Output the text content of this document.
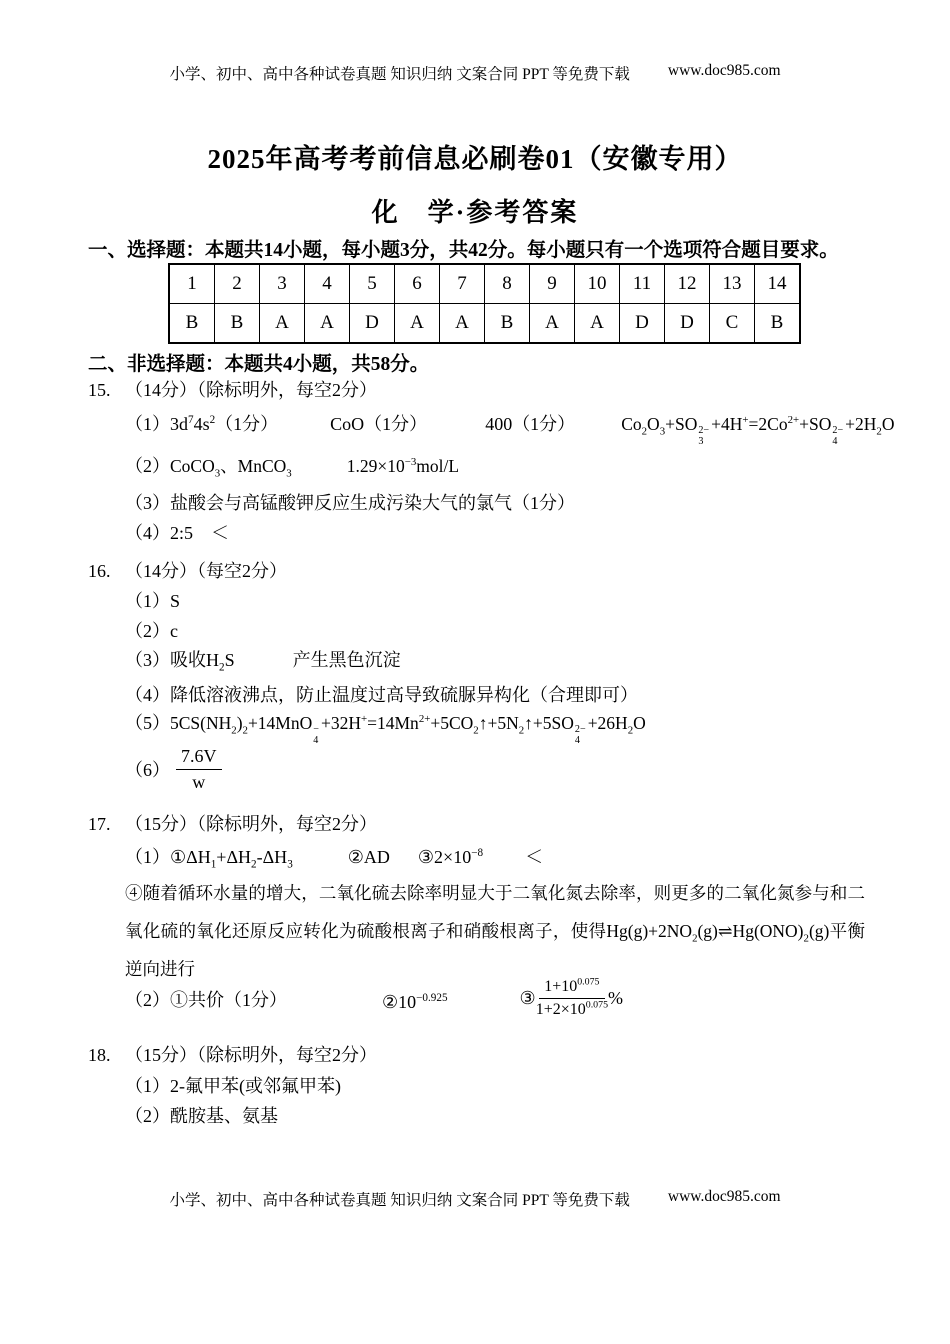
小学、初中、高中各种试卷真题 知识归纳 文案合同 PPT 等免费下载 www.doc985.com
2025年高考考前信息必刷卷01（安徽专用）
化　学·参考答案
一、选择题：本题共14小题，每小题3分，共42分。每小题只有一个选项符合题目要求。
1	2	3	4	5	6	7	8	9	10	11	12	13	14
B	B	A	A	D	A	A	B	A	A	D	D	C	B
二、非选择题：本题共4小题，共58分。
15. （14分）（除标明外，每空2分）
（1） $3d^74s^2(1$分）	CoO（1分）	400（1分）	$Co_2O_3+SO$ 2−
3
$+4H^+=2Co^{2+}+SO$ 2−
4
$+2H_2O$
（2） CoCO$_3$、MnCO$_3$	$1.29\times 10^{-3}mol/L$
（3） 盐酸会与高锰酸钾反应生成污染大气的氯气（1分）
（4） 2:5　＜
16. （14分）（每空2分）
（1） S
（2） c
（3） 吸收$H_2S$	产生黑色沉淀
（4） 降低溶液沸点，防止温度过高导致硫脲异构化（合理即可）
（5） $5CS(NH_2)_2+14MnO$ −
4
$+32H^+=14Mn^{2+}+5CO_2↑+5N_2↑+5SO$ 2−
4
$+26H_2O$
$(6) \frac{7.6V}{w}$
17. （15分）（除标明外，每空2分）
（1） $①\Delta H_1+\Delta H_2-\Delta H_3$	②AD $③2\times 10^{-8}$ ＜
④随着循环水量的增大，二氧化硫去除率明显大于二氧化氮去除率，则更多的二氧化氮参与和二氧化硫的氧化还原反应转化为硫酸根离子和硝酸根离子，使得$Hg(g)+2NO_2(g)\rightleftharpoons Hg(ONO)_2(g)$平衡逆向进行
（2） ①共价（1分）	$②10^{-0.925}$	③ $\frac{1+10^{0.075}}{1+2\times 10^{0.075}}$ %
18. （15分）（除标明外，每空2分）
（1） 2-氟甲苯(或邻氟甲苯)
（2） 酰胺基、氨基
小学、初中、高中各种试卷真题 知识归纳 文案合同 PPT 等免费下载 www.doc985.com
